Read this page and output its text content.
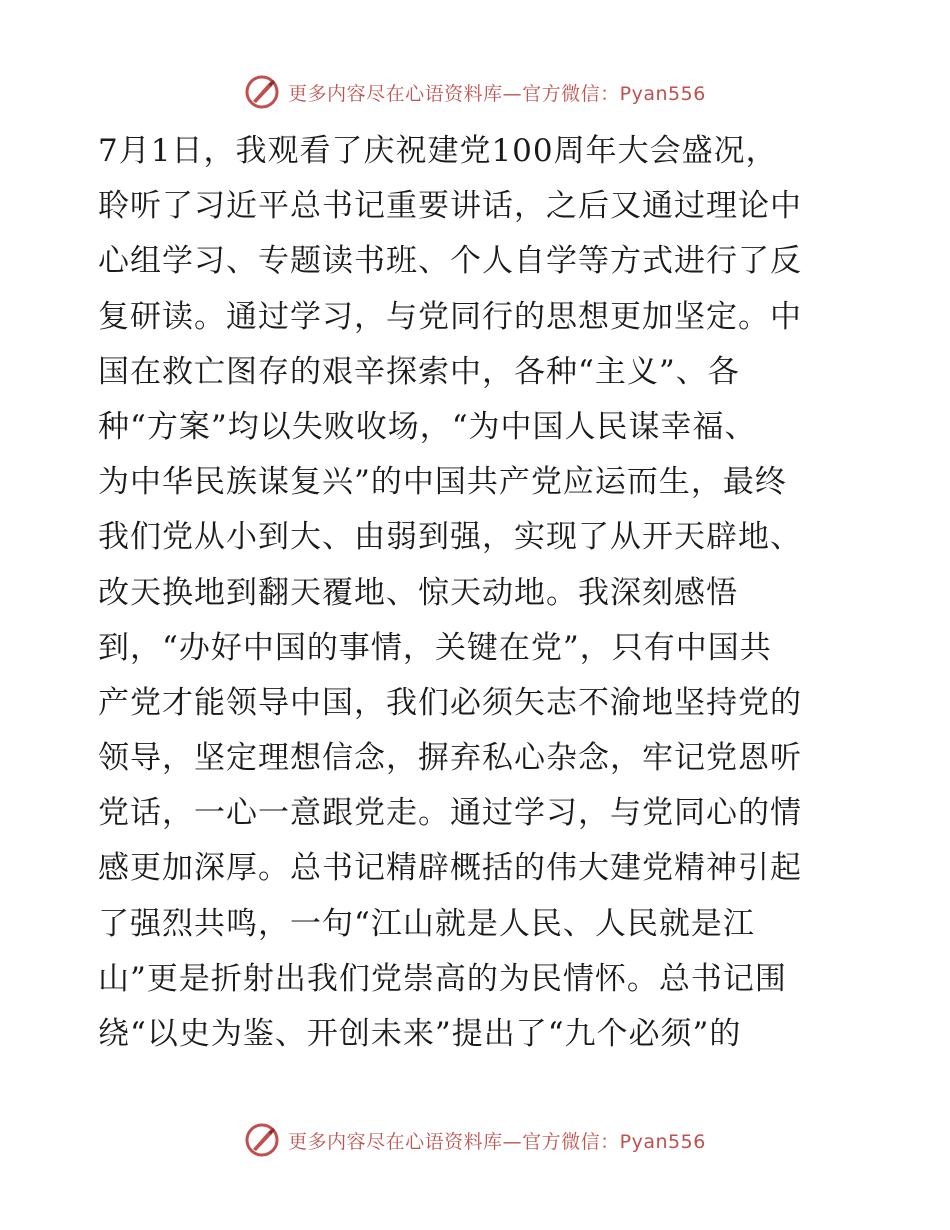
更多内容尽在心语资料库—官方微信：Pyan556
7月1日，我观看了庆祝建党100周年大会盛况，
聆听了习近平总书记重要讲话，之后又通过理论中
心组学习、专题读书班、个人自学等方式进行了反
复研读。通过学习，与党同行的思想更加坚定。中
国在救亡图存的艰辛探索中，各种“主义”、各
种“方案”均以失败收场，“为中国人民谋幸福、
为中华民族谋复兴”的中国共产党应运而生，最终
我们党从小到大、由弱到强，实现了从开天辟地、
改天换地到翻天覆地、惊天动地。我深刻感悟
到，“办好中国的事情，关键在党”，只有中国共
产党才能领导中国，我们必须矢志不渝地坚持党的
领导，坚定理想信念，摒弃私心杂念，牢记党恩听
党话，一心一意跟党走。通过学习，与党同心的情
感更加深厚。总书记精辟概括的伟大建党精神引起
了强烈共鸣，一句“江山就是人民、人民就是江
山”更是折射出我们党崇高的为民情怀。总书记围
绕“以史为鉴、开创未来”提出了“九个必须”的
更多内容尽在心语资料库—官方微信：Pyan556
